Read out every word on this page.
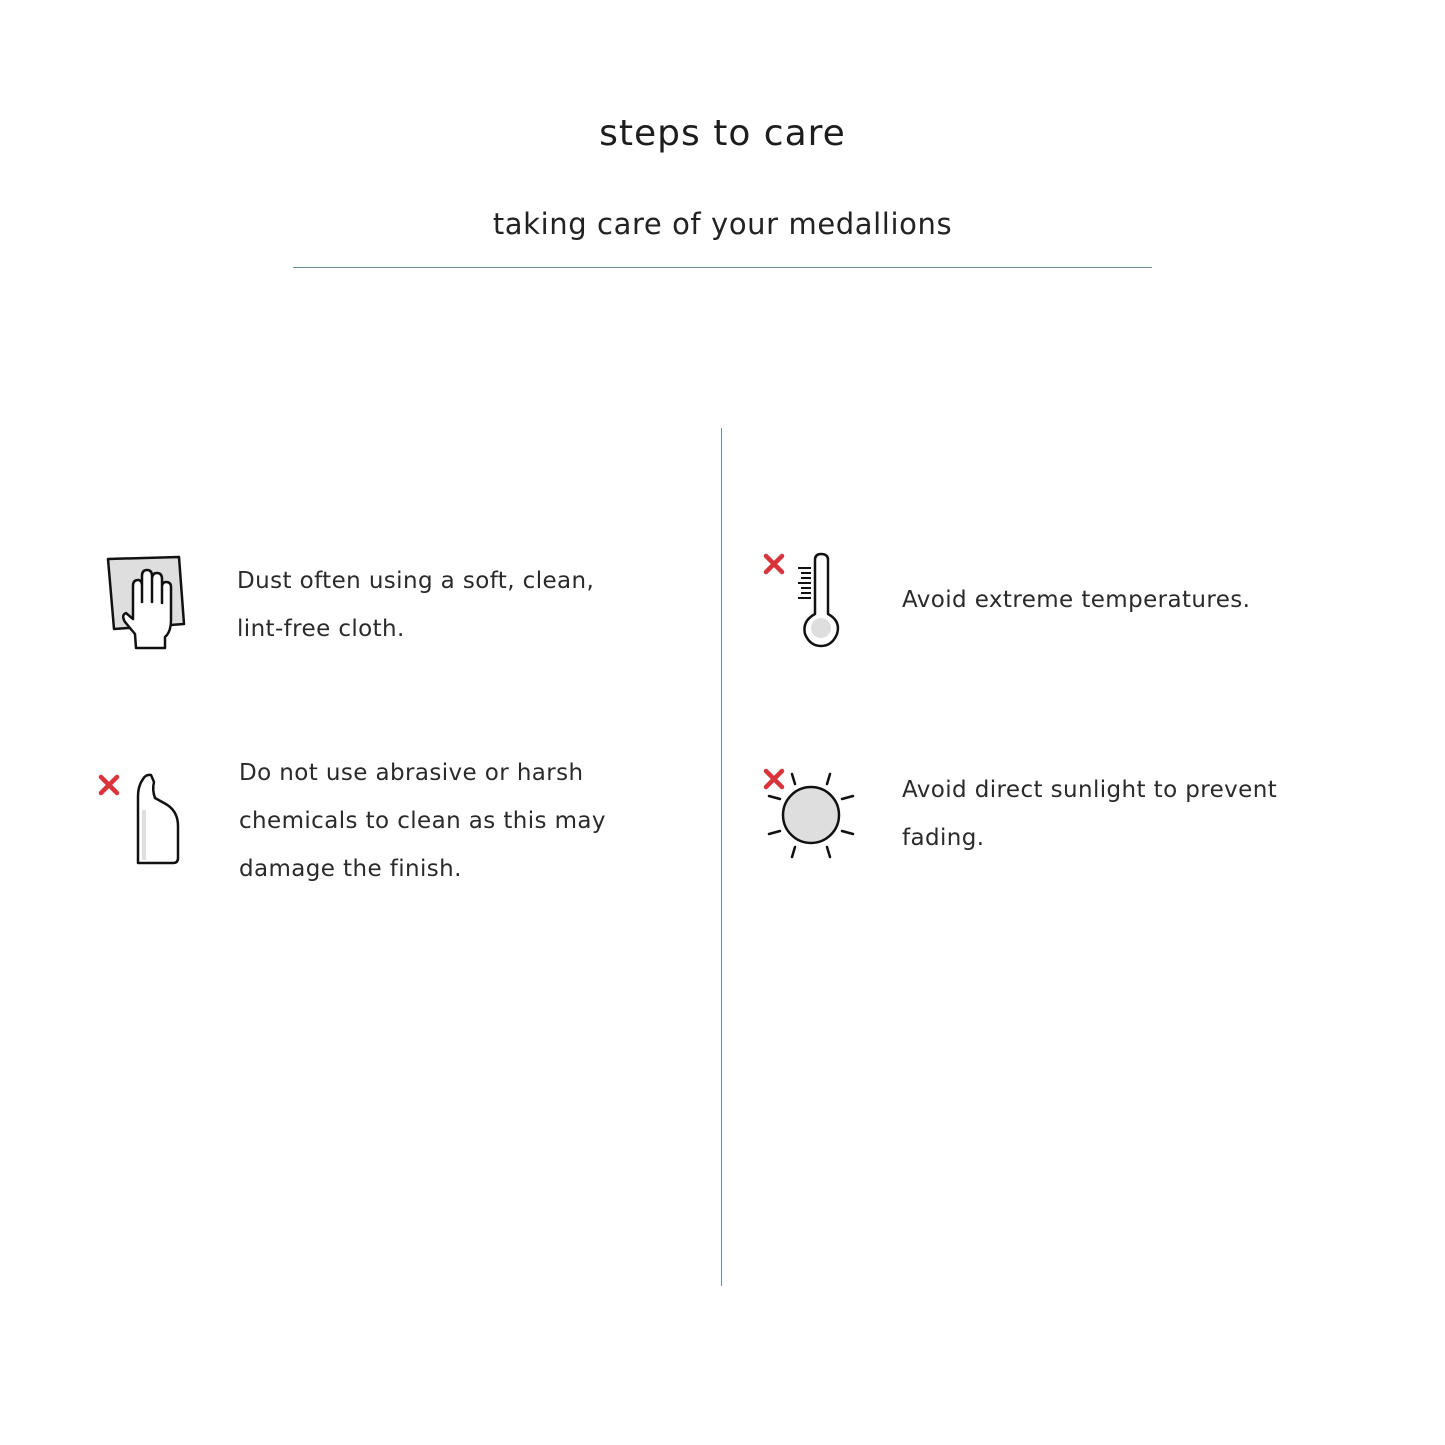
steps to care
taking care of your medallions
Dust often using a soft, clean, lint-free cloth.
Do not use abrasive or harsh chemicals to clean as this may damage the finish.
Avoid extreme temperatures.
Avoid direct sunlight to prevent fading.
